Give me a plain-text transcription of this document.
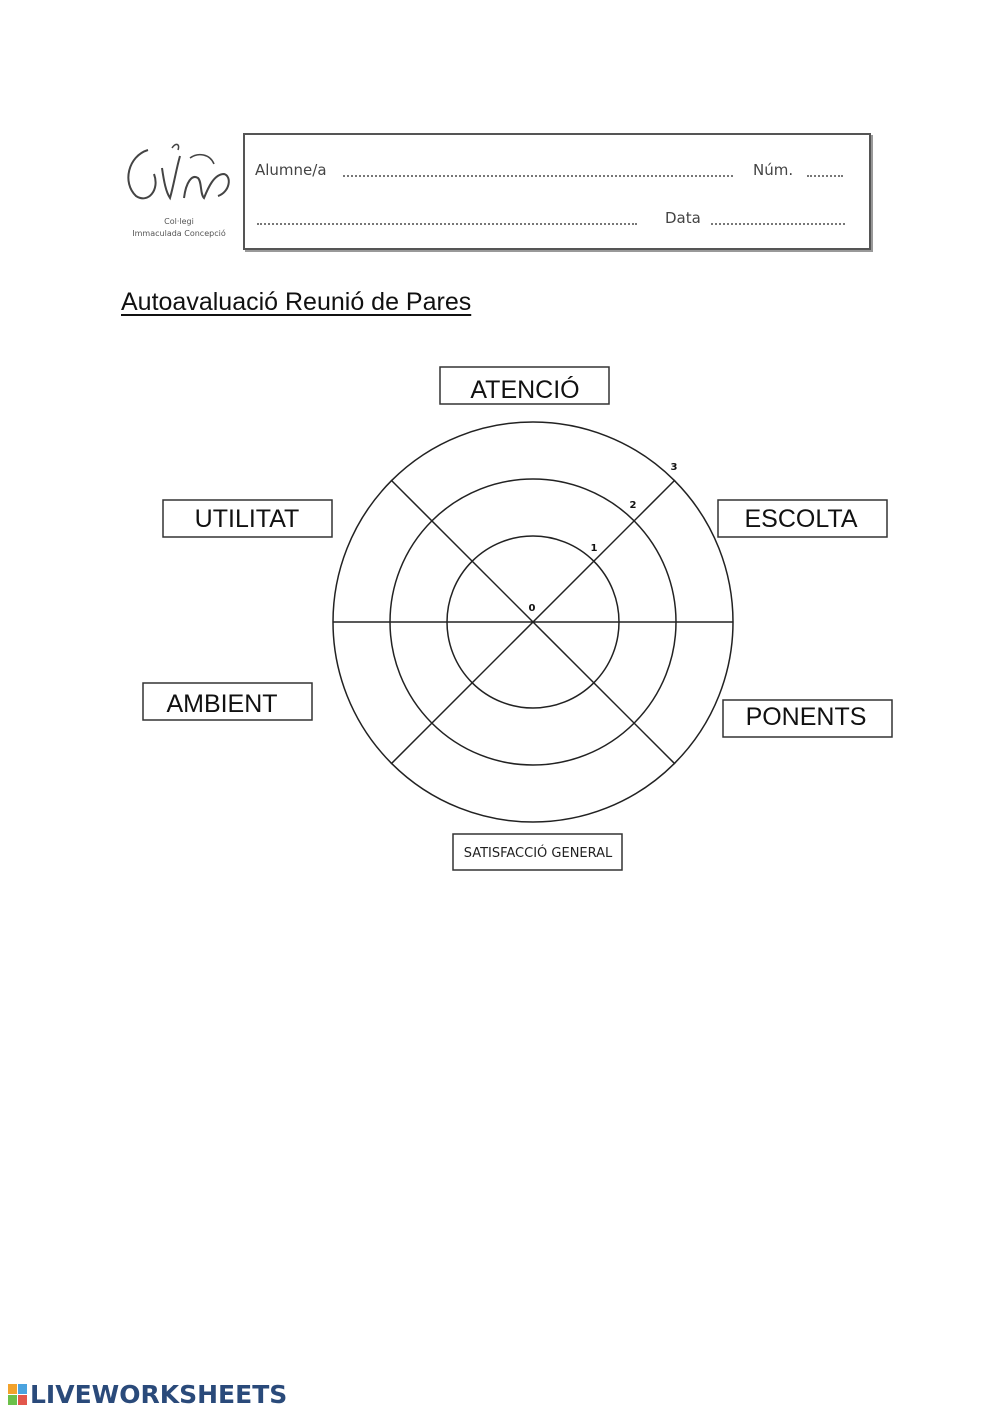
Col·legi
Immaculada Concepció
Alumne/a	Núm.
Data
Autoavaluació Reunió de Pares
0
1
2
3
ATENCIÓ
ESCOLTA
PONENTS
SATISFACCIÓ GENERAL
AMBIENT
UTILITAT
LIVEWORKSHEETS
